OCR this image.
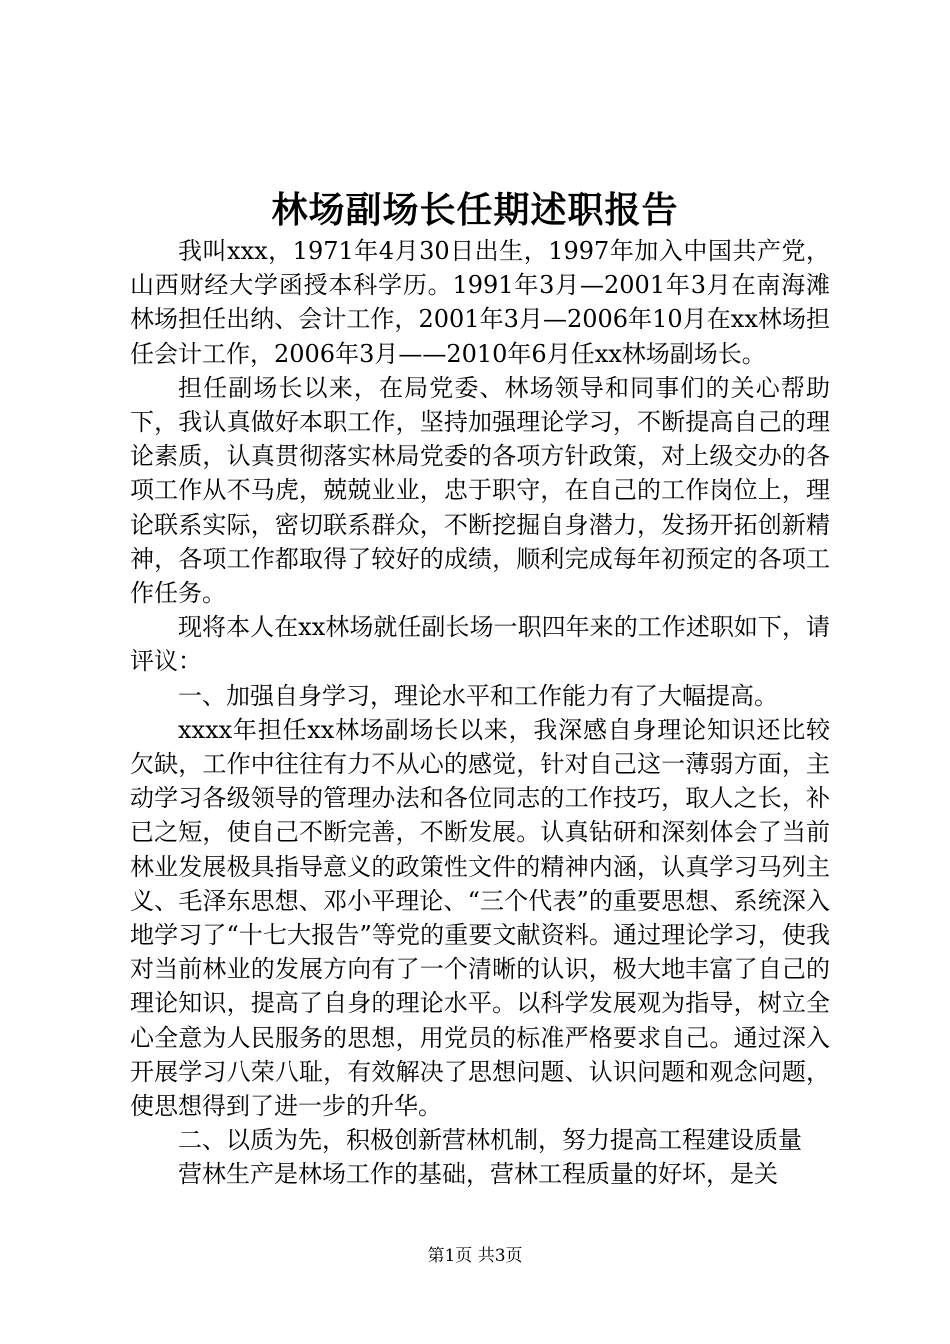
林场副场长任期述职报告

我叫xxx，1971年4月30日出生，1997年加入中国共产党，山西财经大学函授本科学历。1991年3月—2001年3月在南海滩林场担任出纳、会计工作，2001年3月—2006年10月在xx林场担任会计工作，2006年3月——2010年6月任xx林场副场长。

担任副场长以来，在局党委、林场领导和同事们的关心帮助下，我认真做好本职工作，坚持加强理论学习，不断提高自己的理论素质，认真贯彻落实林局党委的各项方针政策，对上级交办的各项工作从不马虎，兢兢业业，忠于职守，在自己的工作岗位上，理论联系实际，密切联系群众，不断挖掘自身潜力，发扬开拓创新精神，各项工作都取得了较好的成绩，顺利完成每年初预定的各项工作任务。

现将本人在xx林场就任副长场一职四年来的工作述职如下，请评议：

一、加强自身学习，理论水平和工作能力有了大幅提高。

xxxx年担任xx林场副场长以来，我深感自身理论知识还比较欠缺，工作中往往有力不从心的感觉，针对自己这一薄弱方面，主动学习各级领导的管理办法和各位同志的工作技巧，取人之长，补已之短，使自己不断完善，不断发展。认真钻研和深刻体会了当前林业发展极具指导意义的政策性文件的精神内涵，认真学习马列主义、毛泽东思想、邓小平理论、“三个代表”的重要思想、系统深入地学习了“十七大报告”等党的重要文献资料。通过理论学习，使我对当前林业的发展方向有了一个清晰的认识，极大地丰富了自己的理论知识，提高了自身的理论水平。以科学发展观为指导，树立全心全意为人民服务的思想，用党员的标准严格要求自己。通过深入开展学习八荣八耻，有效解决了思想问题、认识问题和观念问题，使思想得到了进一步的升华。

二、以质为先，积极创新营林机制，努力提高工程建设质量

营林生产是林场工作的基础，营林工程质量的好坏，是关

第1页 共3页
